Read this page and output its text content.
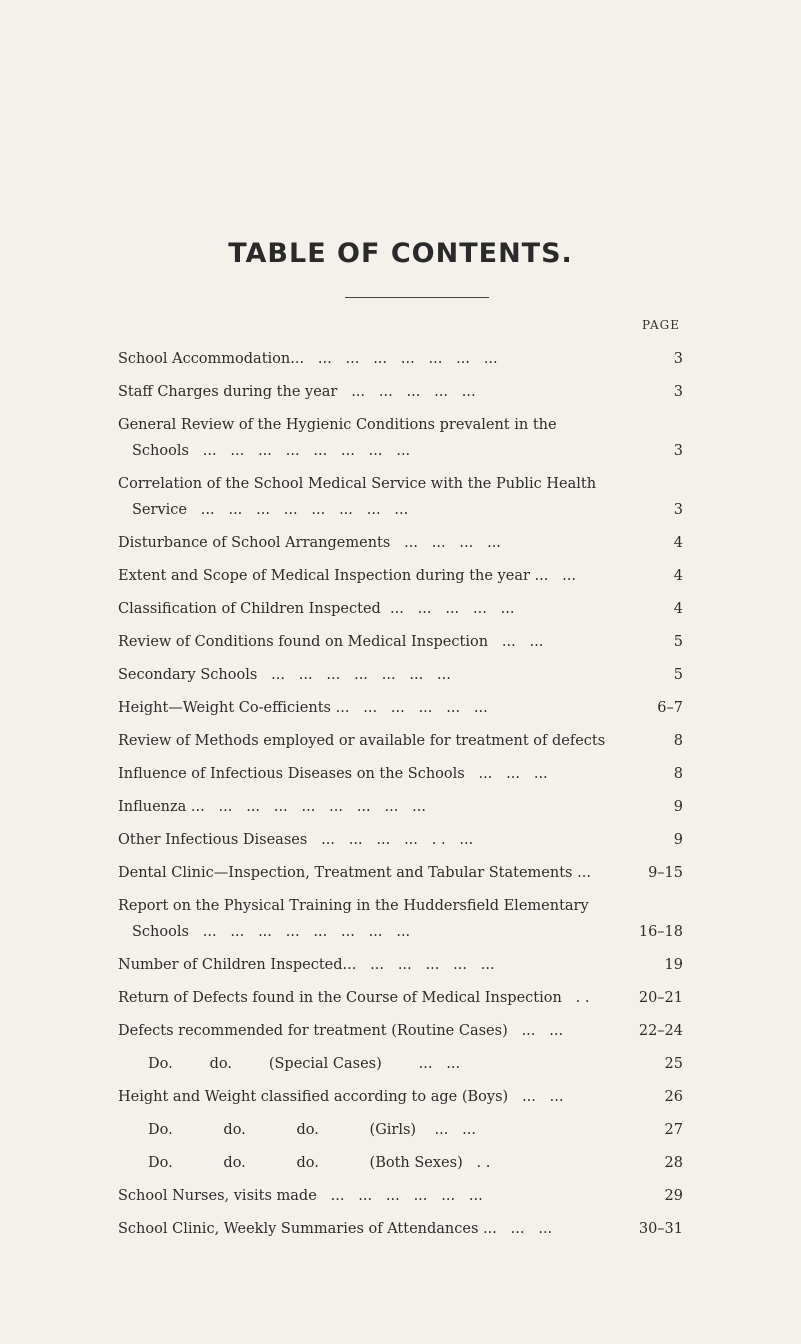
TABLE OF CONTENTS.
PAGE
School Accommodation...   ...   ...   ...   ...   ...   ...   ...	3
Staff Charges during the year   ...   ...   ...   ...   ...	3
General Review of the Hygienic Conditions prevalent in the
Schools   ...   ...   ...   ...   ...   ...   ...   ...	3
Correlation of the School Medical Service with the Public Health
Service   ...   ...   ...   ...   ...   ...   ...   ...	3
Disturbance of School Arrangements   ...   ...   ...   ...	4
Extent and Scope of Medical Inspection during the year ...   ...	4
Classification of Children Inspected  ...   ...   ...   ...   ...	4
Review of Conditions found on Medical Inspection   ...   ...	5
Secondary Schools   ...   ...   ...   ...   ...   ...   ...	5
Height—Weight Co-efficients ...   ...   ...   ...   ...   ...	6–7
Review of Methods employed or available for treatment of defects	8
Influence of Infectious Diseases on the Schools   ...   ...   ...	8
Influenza ...   ...   ...   ...   ...   ...   ...   ...   ...	9
Other Infectious Diseases   ...   ...   ...   ...   . .   ...	9
Dental Clinic—Inspection, Treatment and Tabular Statements ...	9–15
Report on the Physical Training in the Huddersfield Elementary
Schools   ...   ...   ...   ...   ...   ...   ...   ...	16–18
Number of Children Inspected...   ...   ...   ...   ...   ...	19
Return of Defects found in the Course of Medical Inspection   . .	20–21
Defects recommended for treatment (Routine Cases)   ...   ...	22–24
Do.        do.        (Special Cases)        ...   ...	25
Height and Weight classified according to age (Boys)   ...   ...	26
Do.           do.           do.           (Girls)    ...   ...	27
Do.           do.           do.           (Both Sexes)   . .	28
School Nurses, visits made   ...   ...   ...   ...   ...   ...	29
School Clinic, Weekly Summaries of Attendances ...   ...   ...	30–31
